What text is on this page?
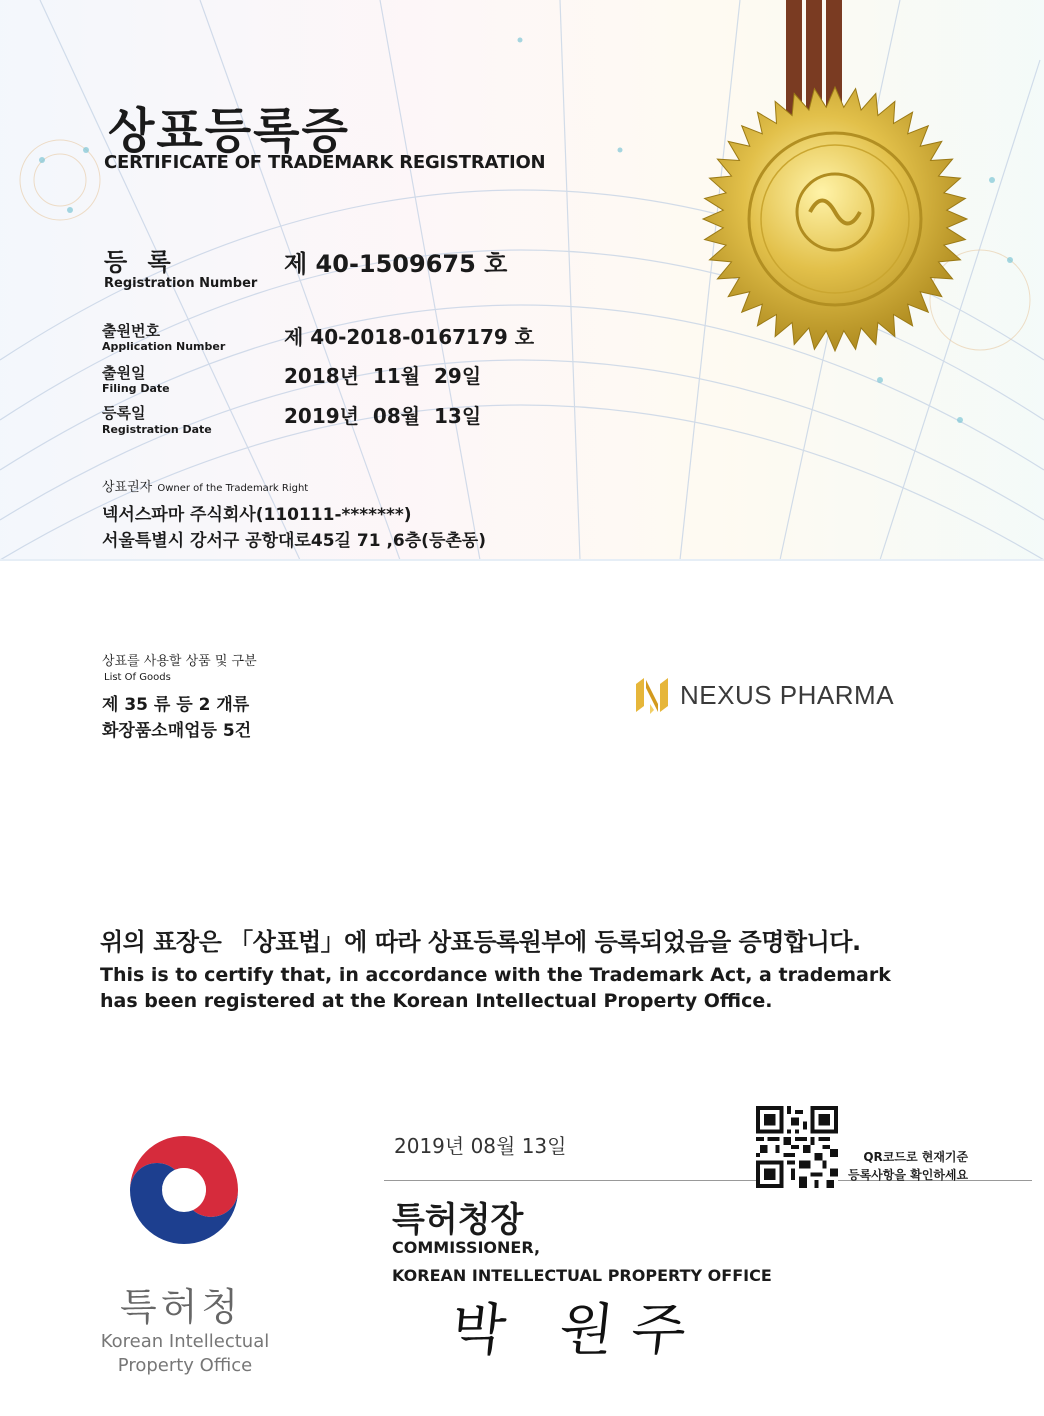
상표등록증
CERTIFICATE OF TRADEMARK REGISTRATION
등 록
Registration Number
제 40-1509675 호
출원번호
Application Number	제 40-2018-0167179 호
출원일
Filing Date
2018년  11월  29일
등록일
Registration Date
2019년  08월  13일
상표권자 Owner of the Trademark Right
넥서스파마 주식회사(110111-*******)
서울특별시 강서구 공항대로45길 71 ,6층(등촌동)
상표를 사용할 상품 및 구분
List Of Goods
제 35 류 등 2 개류
화장품소매업등 5건
NEXUS PHARMA
위의 표장은 「상표법」에 따라 상표등록원부에 등록되었음을 증명합니다.
This is to certify that, in accordance with the Trademark Act, a trademark has been registered at the Korean Intellectual Property Office.
2019년 08월 13일	QR코드로 현재기준
등록사항을 확인하세요
특허청장
COMMISSIONER,
KOREAN INTELLECTUAL PROPERTY OFFICE
박 원주
특허청
Korean Intellectual
Property Office
